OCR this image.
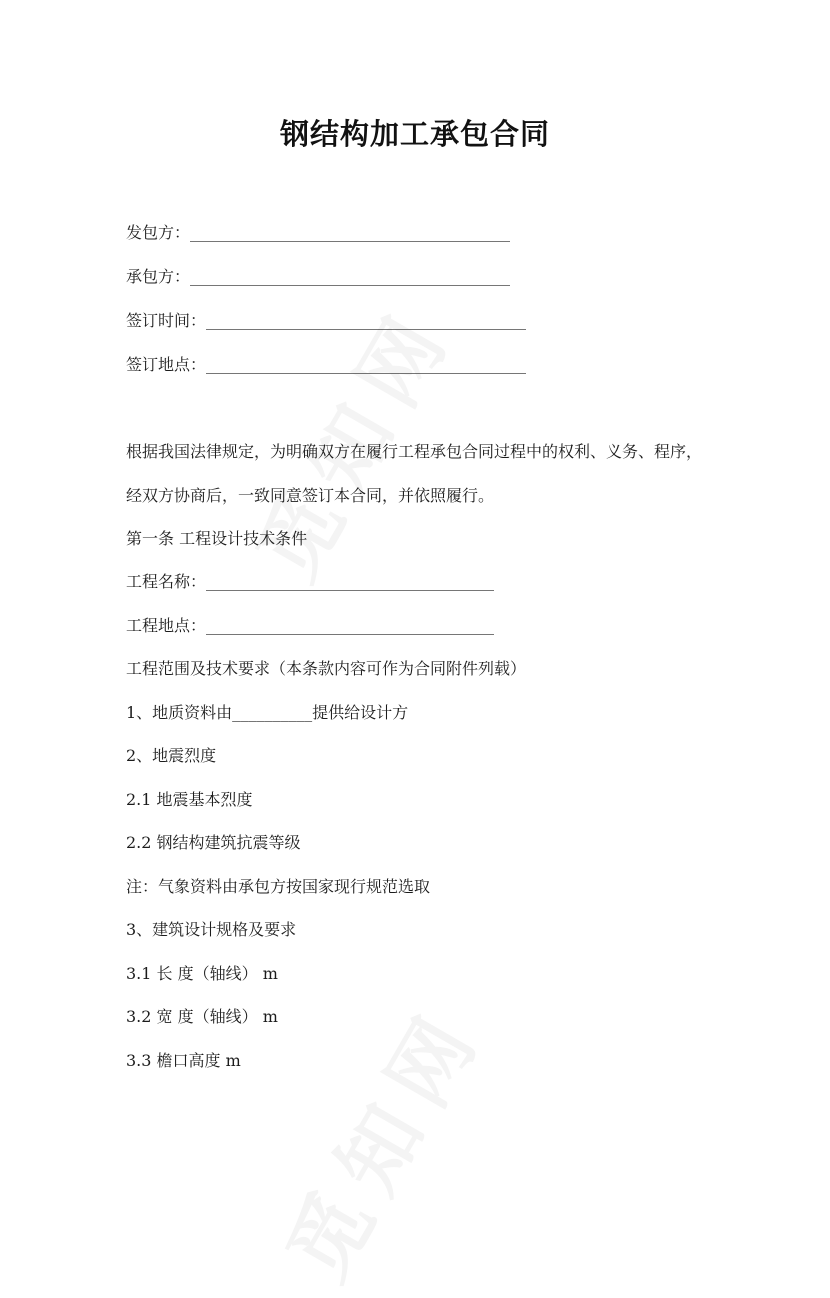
钢结构加工承包合同
发包方：________________________________________
承包方：________________________________________
签订时间：________________________________________
签订地点：________________________________________
根据我国法律规定，为明确双方在履行工程承包合同过程中的权利、义务、程序，
经双方协商后，一致同意签订本合同，并依照履行。
第一条 工程设计技术条件
工程名称：____________________________________
工程地点：____________________________________
工程范围及技术要求（本条款内容可作为合同附件列载）
1、地质资料由__________提供给设计方
2、地震烈度
2.1 地震基本烈度
2.2 钢结构建筑抗震等级
注：气象资料由承包方按国家现行规范选取
3、建筑设计规格及要求
3.1 长 度（轴线） m
3.2 宽 度（轴线） m
3.3 檐口高度 m
